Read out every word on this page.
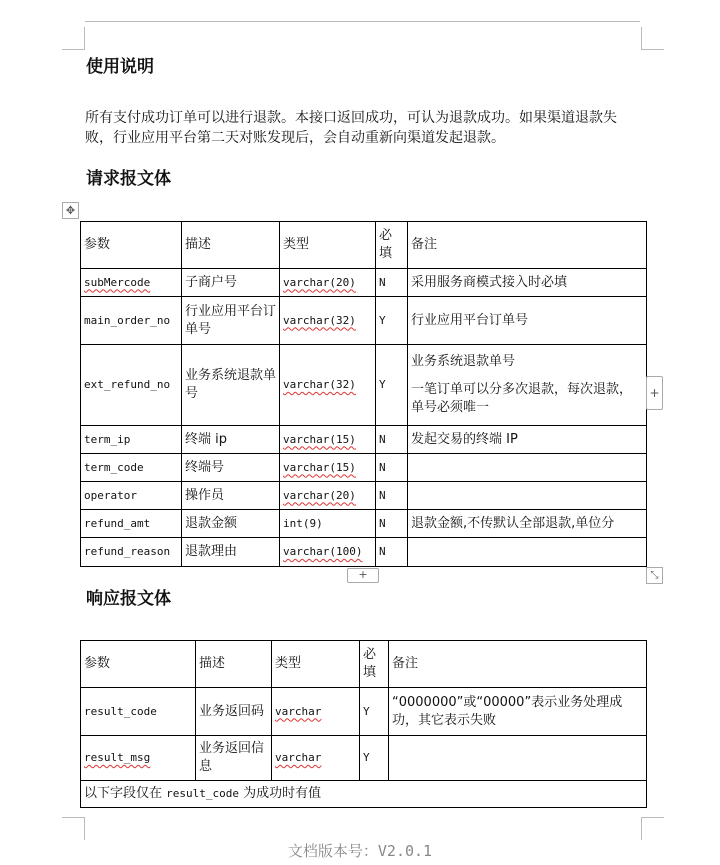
使用说明

所有支付成功订单可以进行退款。本接口返回成功，可认为退款成功。如果渠道退款失败，行业应用平台第二天对账发现后，会自动重新向渠道发起退款。

请求报文体
✥
参数	描述	类型	必填	备注
subMercode	子商户号	varchar(20)	N	采用服务商模式接入时必填
main_order_no	行业应用平台订单号	varchar(32)	Y	行业应用平台订单号
ext_refund_no	业务系统退款单号	varchar(32)	Y	业务系统退款单号
一笔订单可以分多次退款，每次退款，单号必须唯一

term_ip	终端 ip	varchar(15)	N	发起交易的终端 IP
term_code	终端号	varchar(15)	N	
operator	操作员	varchar(20)	N	
refund_amt	退款金额	int(9)	N	退款金额,不传默认全部退款,单位分
refund_reason	退款理由	varchar(100)	N	
+
+
⤡
响应报文体
参数	描述	类型	必填	备注
result_code	业务返回码	varchar	Y	“0000000”或“00000”表示业务处理成功，其它表示失败
result_msg	业务返回信息	varchar	Y	
以下字段仅在 result_code 为成功时有值				
文档版本号：V2.0.1
